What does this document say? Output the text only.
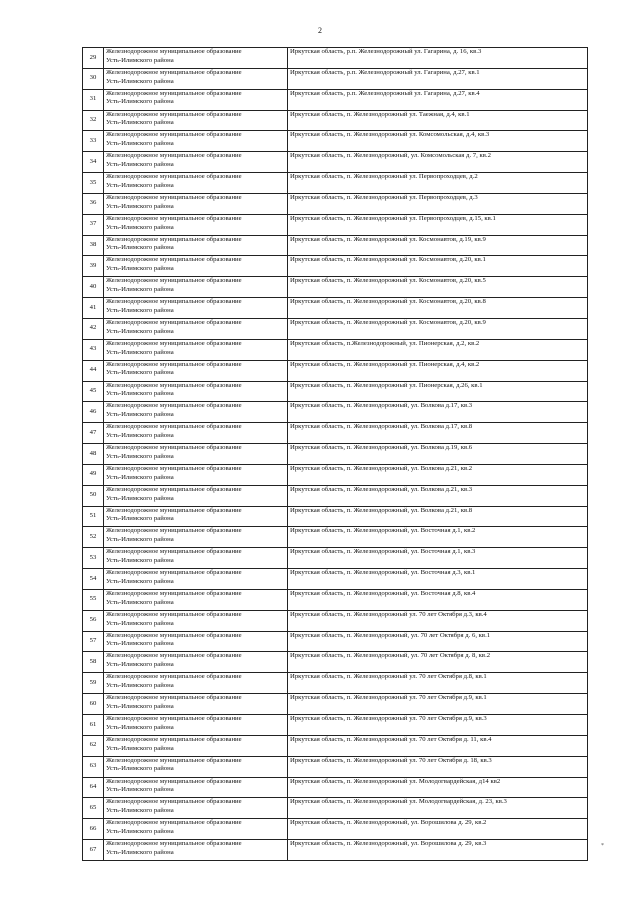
2
29	Железнодорожное муниципальное образование
Усть-Илимского района	Иркутская область, р.п. Железнодорожный ул. Гагарина, д. 16, кв.3
30	Железнодорожное муниципальное образование
Усть-Илимского района	Иркутская область, р.п. Железнодорожный ул. Гагарина, д.27, кв.1
31	Железнодорожное муниципальное образование
Усть-Илимского района	Иркутская область, р.п. Железнодорожный ул. Гагарина, д.27, кв.4
32	Железнодорожное муниципальное образование
Усть-Илимского района	Иркутская область, п. Железнодорожный ул. Таежная, д.4, кв.1
33	Железнодорожное муниципальное образование
Усть-Илимского района	Иркутская область, п. Железнодорожный ул. Комсомольская, д.4, кв.3
34	Железнодорожное муниципальное образование
Усть-Илимского района	Иркутская область, п. Железнодорожный, ул. Комсомольская д. 7, кв.2
35	Железнодорожное муниципальное образование
Усть-Илимского района	Иркутская область, п. Железнодорожный ул. Первопроходцев, д.2
36	Железнодорожное муниципальное образование
Усть-Илимского района	Иркутская область, п. Железнодорожный ул. Первопроходцев, д.3
37	Железнодорожное муниципальное образование
Усть-Илимского района	Иркутская область, п. Железнодорожный ул. Первопроходцев, д.15, кв.1
38	Железнодорожное муниципальное образование
Усть-Илимского района	Иркутская область, п. Железнодорожный ул. Космонавтов, д.19, кв.9
39	Железнодорожное муниципальное образование
Усть-Илимского района	Иркутская область, п. Железнодорожный ул. Космонавтов, д.20, кв.1
40	Железнодорожное муниципальное образование
Усть-Илимского района	Иркутская область, п. Железнодорожный ул. Космонавтов, д.20, кв.5
41	Железнодорожное муниципальное образование
Усть-Илимского района	Иркутская область, п. Железнодорожный ул. Космонавтов, д.20, кв.8
42	Железнодорожное муниципальное образование
Усть-Илимского района	Иркутская область, п. Железнодорожный ул. Космонавтов, д.20, кв.9
43	Железнодорожное муниципальное образование
Усть-Илимского района	Иркутская область, п.Железнодорожный, ул. Пионерская, д.2, кв.2
44	Железнодорожное муниципальное образование
Усть-Илимского района	Иркутская область, п. Железнодорожный ул. Пионерская, д.4, кв.2
45	Железнодорожное муниципальное образование
Усть-Илимского района	Иркутская область, п. Железнодорожный ул. Пионерская, д.26, кв.1
46	Железнодорожное муниципальное образование
Усть-Илимского района	Иркутская область, п. Железнодорожный, ул. Волкова д.17, кв.3
47	Железнодорожное муниципальное образование
Усть-Илимского района	Иркутская область, п. Железнодорожный, ул. Волкова д.17, кв.8
48	Железнодорожное муниципальное образование
Усть-Илимского района	Иркутская область, п. Железнодорожный, ул. Волкова д.19, кв.6
49	Железнодорожное муниципальное образование
Усть-Илимского района	Иркутская область, п. Железнодорожный, ул. Волкова д.21, кв.2
50	Железнодорожное муниципальное образование
Усть-Илимского района	Иркутская область, п. Железнодорожный, ул. Волкова д.21, кв.3
51	Железнодорожное муниципальное образование
Усть-Илимского района	Иркутская область, п. Железнодорожный, ул. Волкова д.21, кв.8
52	Железнодорожное муниципальное образование
Усть-Илимского района	Иркутская область, п. Железнодорожный, ул. Восточная д.1, кв.2
53	Железнодорожное муниципальное образование
Усть-Илимского района	Иркутская область, п. Железнодорожный, ул. Восточная д.1, кв.3
54	Железнодорожное муниципальное образование
Усть-Илимского района	Иркутская область, п. Железнодорожный, ул. Восточная д.3, кв.1
55	Железнодорожное муниципальное образование
Усть-Илимского района	Иркутская область, п. Железнодорожный, ул. Восточная д.8, кв.4
56	Железнодорожное муниципальное образование
Усть-Илимского района	Иркутская область, п. Железнодорожный ул. 70 лет Октября д.3, кв.4
57	Железнодорожное муниципальное образование
Усть-Илимского района	Иркутская область, п. Железнодорожный, ул. 70 лет Октября д. 6, кв.1
58	Железнодорожное муниципальное образование
Усть-Илимского района	Иркутская область, п. Железнодорожный, ул. 70 лет Октября д. 8, кв.2
59	Железнодорожное муниципальное образование
Усть-Илимского района	Иркутская область, п. Железнодорожный ул. 70 лет Октября д.8, кв.1
60	Железнодорожное муниципальное образование
Усть-Илимского района	Иркутская область, п. Железнодорожный ул. 70 лет Октября д.9, кв.1
61	Железнодорожное муниципальное образование
Усть-Илимского района	Иркутская область, п. Железнодорожный ул. 70 лет Октября д.9, кв.3
62	Железнодорожное муниципальное образование
Усть-Илимского района	Иркутская область, п. Железнодорожный ул. 70 лет Октября д. 11, кв.4
63	Железнодорожное муниципальное образование
Усть-Илимского района	Иркутская область, п. Железнодорожный ул. 70 лет Октября д. 18, кв.3
64	Железнодорожное муниципальное образование
Усть-Илимского района	Иркутская область, п. Железнодорожный ул. Молодогвардейская, д14 кв2
65	Железнодорожное муниципальное образование
Усть-Илимского района	Иркутская область, п. Железнодорожный ул. Молодогвардейская, д. 23, кв.3
66	Железнодорожное муниципальное образование
Усть-Илимского района	Иркутская область, п. Железнодорожный, ул. Ворошилова д. 29, кв.2
67	Железнодорожное муниципальное образование
Усть-Илимского района	Иркутская область, п. Железнодорожный, ул. Ворошилова д. 29, кв.3	*
